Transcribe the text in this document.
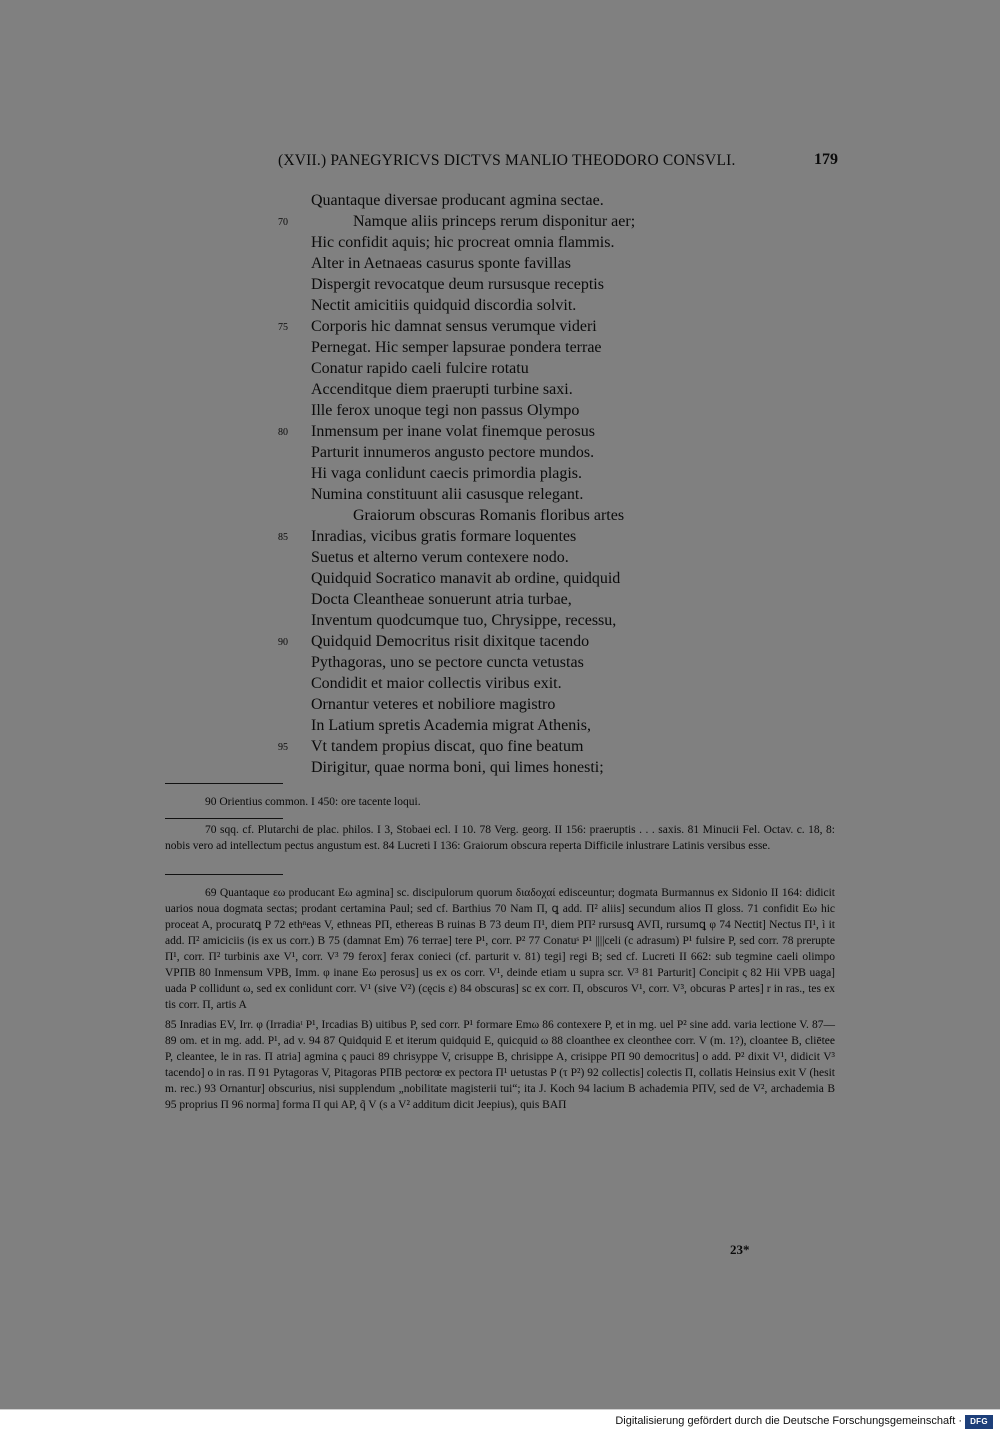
(XVII.) PANEGYRICVS DICTVS MANLIO THEODORO CONSVLI.	179
Quantaque diversae producant agmina sectae.
70	Namque aliis princeps rerum disponitur aer;
Hic confidit aquis; hic procreat omnia flammis.
Alter in Aetnaeas casurus sponte favillas
Dispergit revocatque deum rursusque receptis
Nectit amicitiis quidquid discordia solvit.
75	Corporis hic damnat sensus verumque videri
Pernegat. Hic semper lapsurae pondera terrae
Conatur rapido caeli fulcire rotatu
Accenditque diem praerupti turbine saxi.
Ille ferox unoque tegi non passus Olympo
80	Inmensum per inane volat finemque perosus
Parturit innumeros angusto pectore mundos.
Hi vaga conlidunt caecis primordia plagis.
Numina constituunt alii casusque relegant.
Graiorum obscuras Romanis floribus artes
85	Inradias, vicibus gratis formare loquentes
Suetus et alterno verum contexere nodo.
Quidquid Socratico manavit ab ordine, quidquid
Docta Cleantheae sonuerunt atria turbae,
Inventum quodcumque tuo, Chrysippe, recessu,
90	Quidquid Democritus risit dixitque tacendo
Pythagoras, uno se pectore cuncta vetustas
Condidit et maior collectis viribus exit.
Ornantur veteres et nobiliore magistro
In Latium spretis Academia migrat Athenis,
95	Vt tandem propius discat, quo fine beatum
Dirigitur, quae norma boni, qui limes honesti;

90 Orientius common. I 450: ore tacente loqui.

70 sqq. cf. Plutarchi de plac. philos. I 3, Stobaei ecl. I 10. 78 Verg. georg. II 156: praeruptis . . . saxis. 81 Minucii Fel. Octav. c. 18, 8: nobis vero ad intellectum pectus angustum est. 84 Lucreti I 136: Graiorum obscura reperta Difficile inlustrare Latinis versibus esse.

69 Quantaque εω producant Eω agmina] sc. discipulorum quorum διαδοχαί edisceuntur; dogmata Burmannus ex Sidonio II 164: didicit uarios noua dogmata sectas; prodant certamina Paul; sed cf. Barthius 70 Nam Π, ꝗ add. Π² aliis] secundum alios Π gloss. 71 confidit Eω hic proceat A, procuratꝗ P 72 ethⁿeas V, ethneas PΠ, ethereas B ruinas B 73 deum Π¹, diem PΠ² rursusꝗ AVΠ, rursumꝗ φ 74 Nectit] Nectus Π¹, ì it add. Π² amiciciis (is ex us corr.) B 75 (damnat Em) 76 terrae] tere P¹, corr. P² 77 Conatuˢ P¹ ||||celi (c adrasum) P¹ fulsire P, sed corr. 78 prerupte Π¹, corr. Π² turbinis axe V¹, corr. V³ 79 ferox] ferax conieci (cf. parturit v. 81) tegi] regi B; sed cf. Lucreti II 662: sub tegmine caeli olimpo VPΠB 80 Inmensum VPB, Imm. φ inane Eω perosus] us ex os corr. V¹, deinde etiam u supra scr. V³ 81 Parturit] Concipit ς 82 Hii VPB uaga] uada P collidunt ω, sed ex conlidunt corr. V¹ (sive V²) (cęcis ε) 84 obscuras] sc ex corr. Π, obscuros V¹, corr. V³, obcuras P artes] r in ras., tes ex tis corr. Π, artis A

85 Inradias EV, Irr. φ (Irradiaᵗ P¹, Ircadias B) uitibus P, sed corr. P¹ formare Emω 86 contexere P, et in mg. uel P² sine add. varia lectione V. 87—89 om. et in mg. add. P¹, ad v. 94 87 Quidquid E et iterum quidquid E, quicquid ω 88 cloanthee ex cleonthee corr. V (m. 1?), cloantee B, cliētee P, cleantee, le in ras. Π atria] agmina ς pauci 89 chrisyppe V, crisuppe B, chrisippe A, crisippe PΠ 90 democritus] o add. P² dixit V¹, didicit V³ tacendo] o in ras. Π 91 Pytagoras V, Pitagoras PΠB pectorœ ex pectora Π¹ uetustas P (τ P²) 92 collectis] colectis Π, collatis Heinsius exit V (hesit m. rec.) 93 Ornantur] obscurius, nisi supplendum „nobilitate magisterii tui“; ita J. Koch 94 lacium B achademia PΠV, sed de V², archademia B 95 proprius Π 96 norma] forma Π qui AP, q̃ V (s a V² additum dicit Jeepius), quis BAΠ

23*
Digitalisierung gefördert durch die Deutsche Forschungsgemeinschaft ·	DFG
